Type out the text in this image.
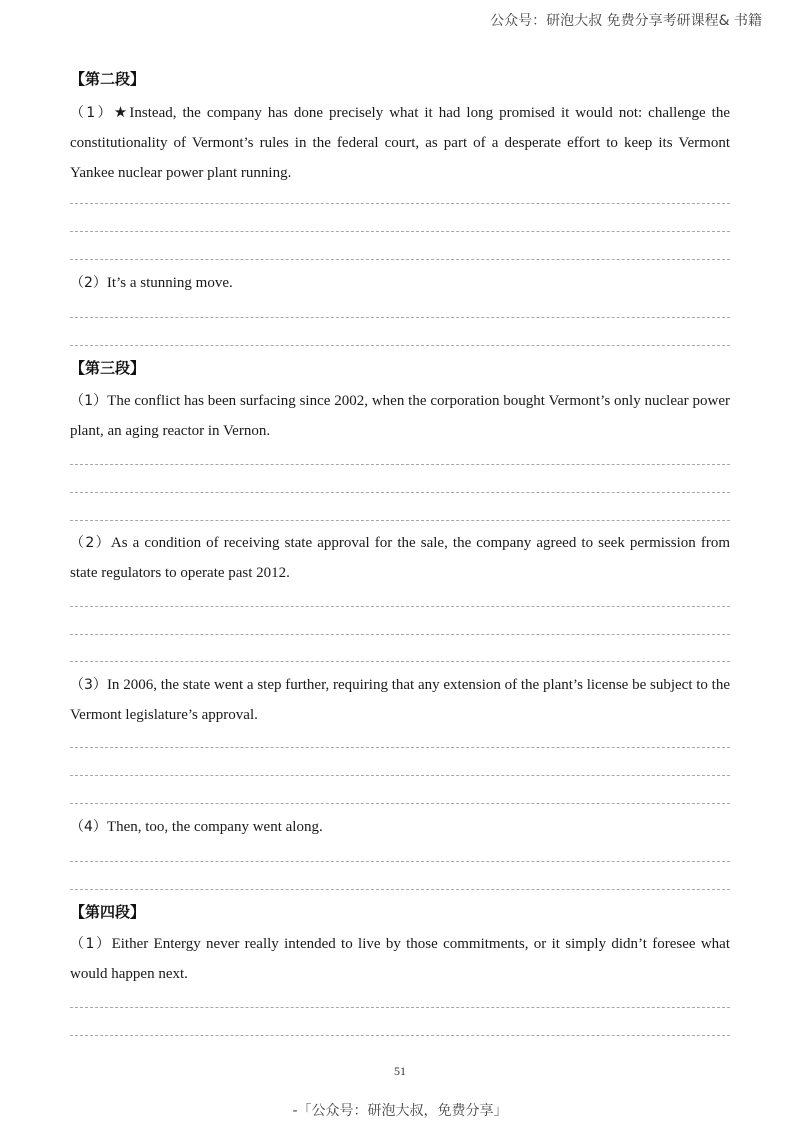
公众号：研泡大叔 免费分享考研课程& 书籍
【第二段】
（1）★Instead, the company has done precisely what it had long promised it would not: challenge the constitutionality of Vermont’s rules in the federal court, as part of a desperate effort to keep its Vermont Yankee nuclear power plant running.
（2）It’s a stunning move.
【第三段】
（1）The conflict has been surfacing since 2002, when the corporation bought Vermont’s only nuclear power plant, an aging reactor in Vernon.
（2）As a condition of receiving state approval for the sale, the company agreed to seek permission from state regulators to operate past 2012.
（3）In 2006, the state went a step further, requiring that any extension of the plant’s license be subject to the Vermont legislature’s approval.
（4）Then, too, the company went along.
【第四段】
（1）Either Entergy never really intended to live by those commitments, or it simply didn’t foresee what would happen next.
51
-「公众号：研泡大叔，免费分享」
